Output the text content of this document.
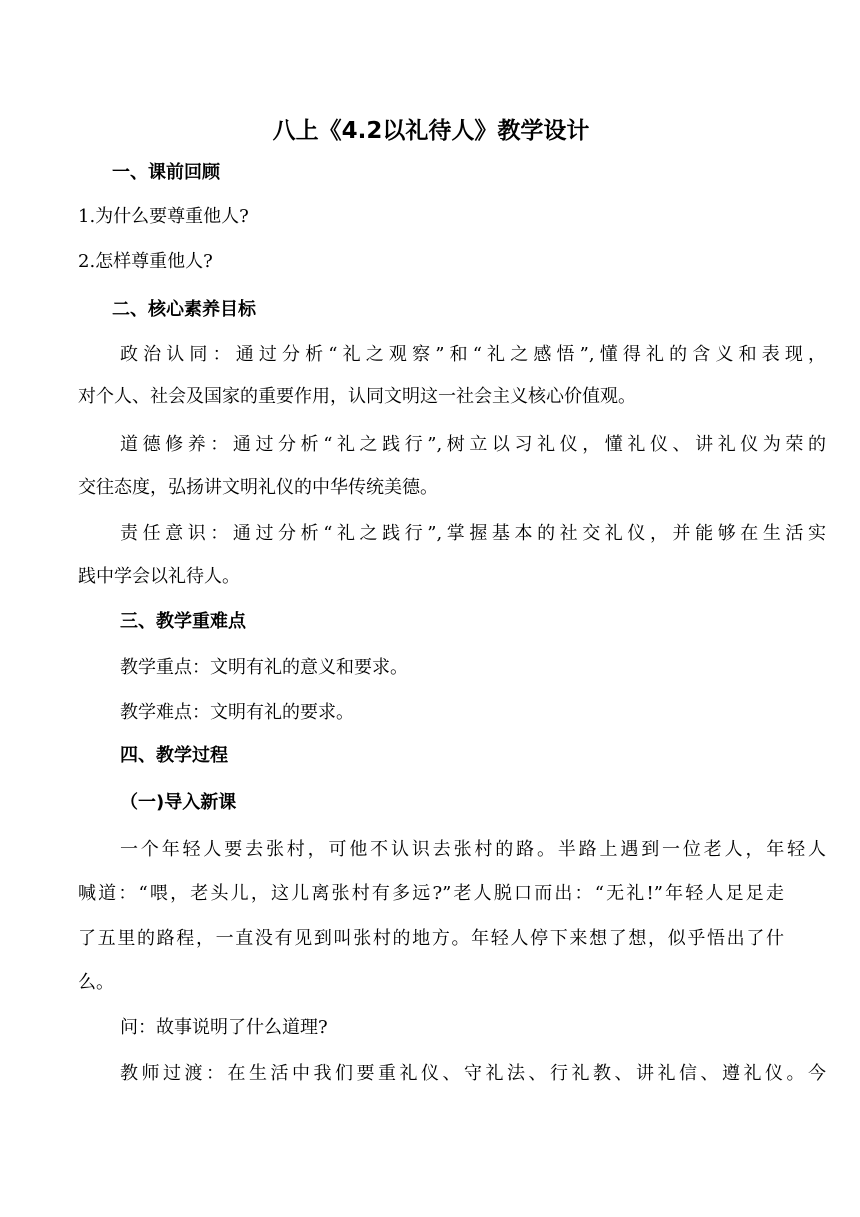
八上《4.2以礼待人》教学设计
一、课前回顾
1.为什么要尊重他人?
2.怎样尊重他人?
二、核心素养目标
政治认同：通过分析“礼之观察”和“礼之感悟”,懂得礼的含义和表现，
对个人、社会及国家的重要作用，认同文明这一社会主义核心价值观。
道德修养：通过分析“礼之践行”,树立以习礼仪，懂礼仪、讲礼仪为荣的
交往态度，弘扬讲文明礼仪的中华传统美德。
责任意识：通过分析“礼之践行”,掌握基本的社交礼仪，并能够在生活实
践中学会以礼待人。
三、教学重难点
教学重点：文明有礼的意义和要求。
教学难点：文明有礼的要求。
四、教学过程
（一)导入新课
一个年轻人要去张村，可他不认识去张村的路。半路上遇到一位老人，年轻人
喊道：“喂，老头儿，这儿离张村有多远?”老人脱口而出：“无礼!”年轻人足足走
了五里的路程，一直没有见到叫张村的地方。年轻人停下来想了想，似乎悟出了什
么。
问：故事说明了什么道理?
教师过渡：在生活中我们要重礼仪、守礼法、行礼教、讲礼信、遵礼仪。今
